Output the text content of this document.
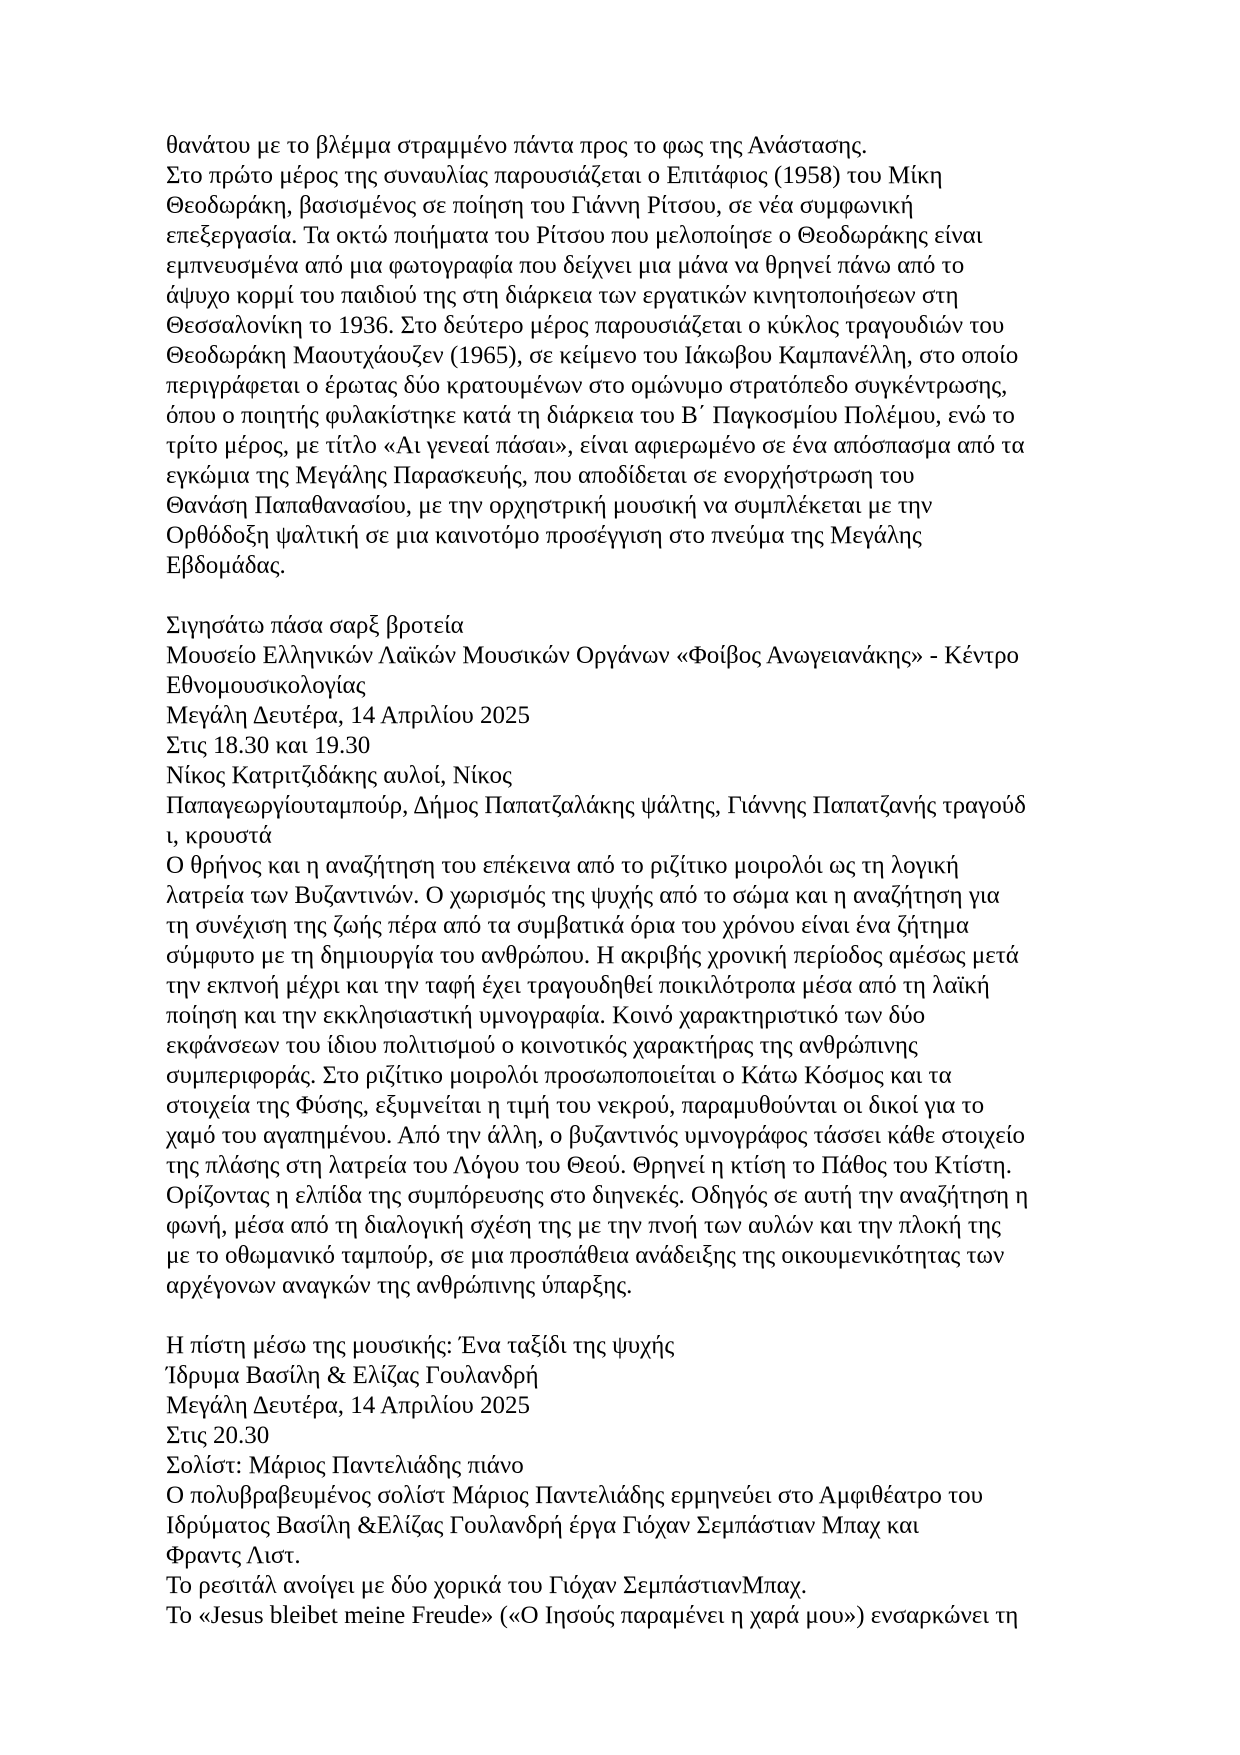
θανάτου με το βλέμμα στραμμένο πάντα προς το φως της Ανάστασης.
Στο πρώτο μέρος της συναυλίας παρουσιάζεται ο Επιτάφιος (1958) του Μίκη
Θεοδωράκη, βασισμένος σε ποίηση του Γιάννη Ρίτσου, σε νέα συμφωνική
επεξεργασία. Τα οκτώ ποιήματα του Ρίτσου που μελοποίησε ο Θεοδωράκης είναι
εμπνευσμένα από μια φωτογραφία που δείχνει μια μάνα να θρηνεί πάνω από το
άψυχο κορμί του παιδιού της στη διάρκεια των εργατικών κινητοποιήσεων στη
Θεσσαλονίκη το 1936. Στο δεύτερο μέρος παρουσιάζεται ο κύκλος τραγουδιών του
Θεοδωράκη Μαουτχάουζεν (1965), σε κείμενο του Ιάκωβου Καμπανέλλη, στο οποίο
περιγράφεται ο έρωτας δύο κρατουμένων στο ομώνυμο στρατόπεδο συγκέντρωσης,
όπου ο ποιητής φυλακίστηκε κατά τη διάρκεια του Β΄ Παγκοσμίου Πολέμου, ενώ το
τρίτο μέρος, με τίτλο «Αι γενεαί πάσαι», είναι αφιερωμένο σε ένα απόσπασμα από τα
εγκώμια της Μεγάλης Παρασκευής, που αποδίδεται σε ενορχήστρωση του
Θανάση Παπαθανασίου, με την ορχηστρική μουσική να συμπλέκεται με την
Ορθόδοξη ψαλτική σε μια καινοτόμο προσέγγιση στο πνεύμα της Μεγάλης
Εβδομάδας.
Σιγησάτω πάσα σαρξ βροτεία
Μουσείο Ελληνικών Λαϊκών Μουσικών Οργάνων «Φοίβος Ανωγειανάκης» - Κέντρο
Εθνομουσικολογίας
Μεγάλη Δευτέρα, 14 Απριλίου 2025
Στις 18.30 και 19.30
Νίκος Κατριτζιδάκης αυλοί, Νίκος
Παπαγεωργίουταμπούρ, Δήμος Παπατζαλάκης ψάλτης, Γιάννης Παπατζανής τραγούδ
ι, κρουστά
Ο θρήνος και η αναζήτηση του επέκεινα από το ριζίτικο μοιρολόι ως τη λογική
λατρεία των Βυζαντινών. Ο χωρισμός της ψυχής από το σώμα και η αναζήτηση για
τη συνέχιση της ζωής πέρα από τα συμβατικά όρια του χρόνου είναι ένα ζήτημα
σύμφυτο με τη δημιουργία του ανθρώπου. Η ακριβής χρονική περίοδος αμέσως μετά
την εκπνοή μέχρι και την ταφή έχει τραγουδηθεί ποικιλότροπα μέσα από τη λαϊκή
ποίηση και την εκκλησιαστική υμνογραφία. Κοινό χαρακτηριστικό των δύο
εκφάνσεων του ίδιου πολιτισμού ο κοινοτικός χαρακτήρας της ανθρώπινης
συμπεριφοράς. Στο ριζίτικο μοιρολόι προσωποποιείται ο Κάτω Κόσμος και τα
στοιχεία της Φύσης, εξυμνείται η τιμή του νεκρού, παραμυθούνται οι δικοί για το
χαμό του αγαπημένου. Από την άλλη, ο βυζαντινός υμνογράφος τάσσει κάθε στοιχείο
της πλάσης στη λατρεία του Λόγου του Θεού. Θρηνεί η κτίση το Πάθος του Κτίστη.
Ορίζοντας η ελπίδα της συμπόρευσης στο διηνεκές. Οδηγός σε αυτή την αναζήτηση η
φωνή, μέσα από τη διαλογική σχέση της με την πνοή των αυλών και την πλοκή της
με το οθωμανικό ταμπούρ, σε μια προσπάθεια ανάδειξης της οικουμενικότητας των
αρχέγονων αναγκών της ανθρώπινης ύπαρξης.
Η πίστη μέσω της μουσικής: Ένα ταξίδι της ψυχής
Ίδρυμα Βασίλη & Ελίζας Γουλανδρή
Μεγάλη Δευτέρα, 14 Απριλίου 2025
Στις 20.30
Σολίστ: Μάριος Παντελιάδης πιάνο
Ο πολυβραβευμένος σολίστ Μάριος Παντελιάδης ερμηνεύει στο Αμφιθέατρο του
Ιδρύματος Βασίλη &Ελίζας Γουλανδρή έργα Γιόχαν Σεμπάστιαν Μπαχ και
Φραντς Λιστ.
Το ρεσιτάλ ανοίγει με δύο χορικά του Γιόχαν ΣεμπάστιανΜπαχ.
Το «Jesus bleibet meine Freude» («Ο Ιησούς παραμένει η χαρά μου») ενσαρκώνει τη
